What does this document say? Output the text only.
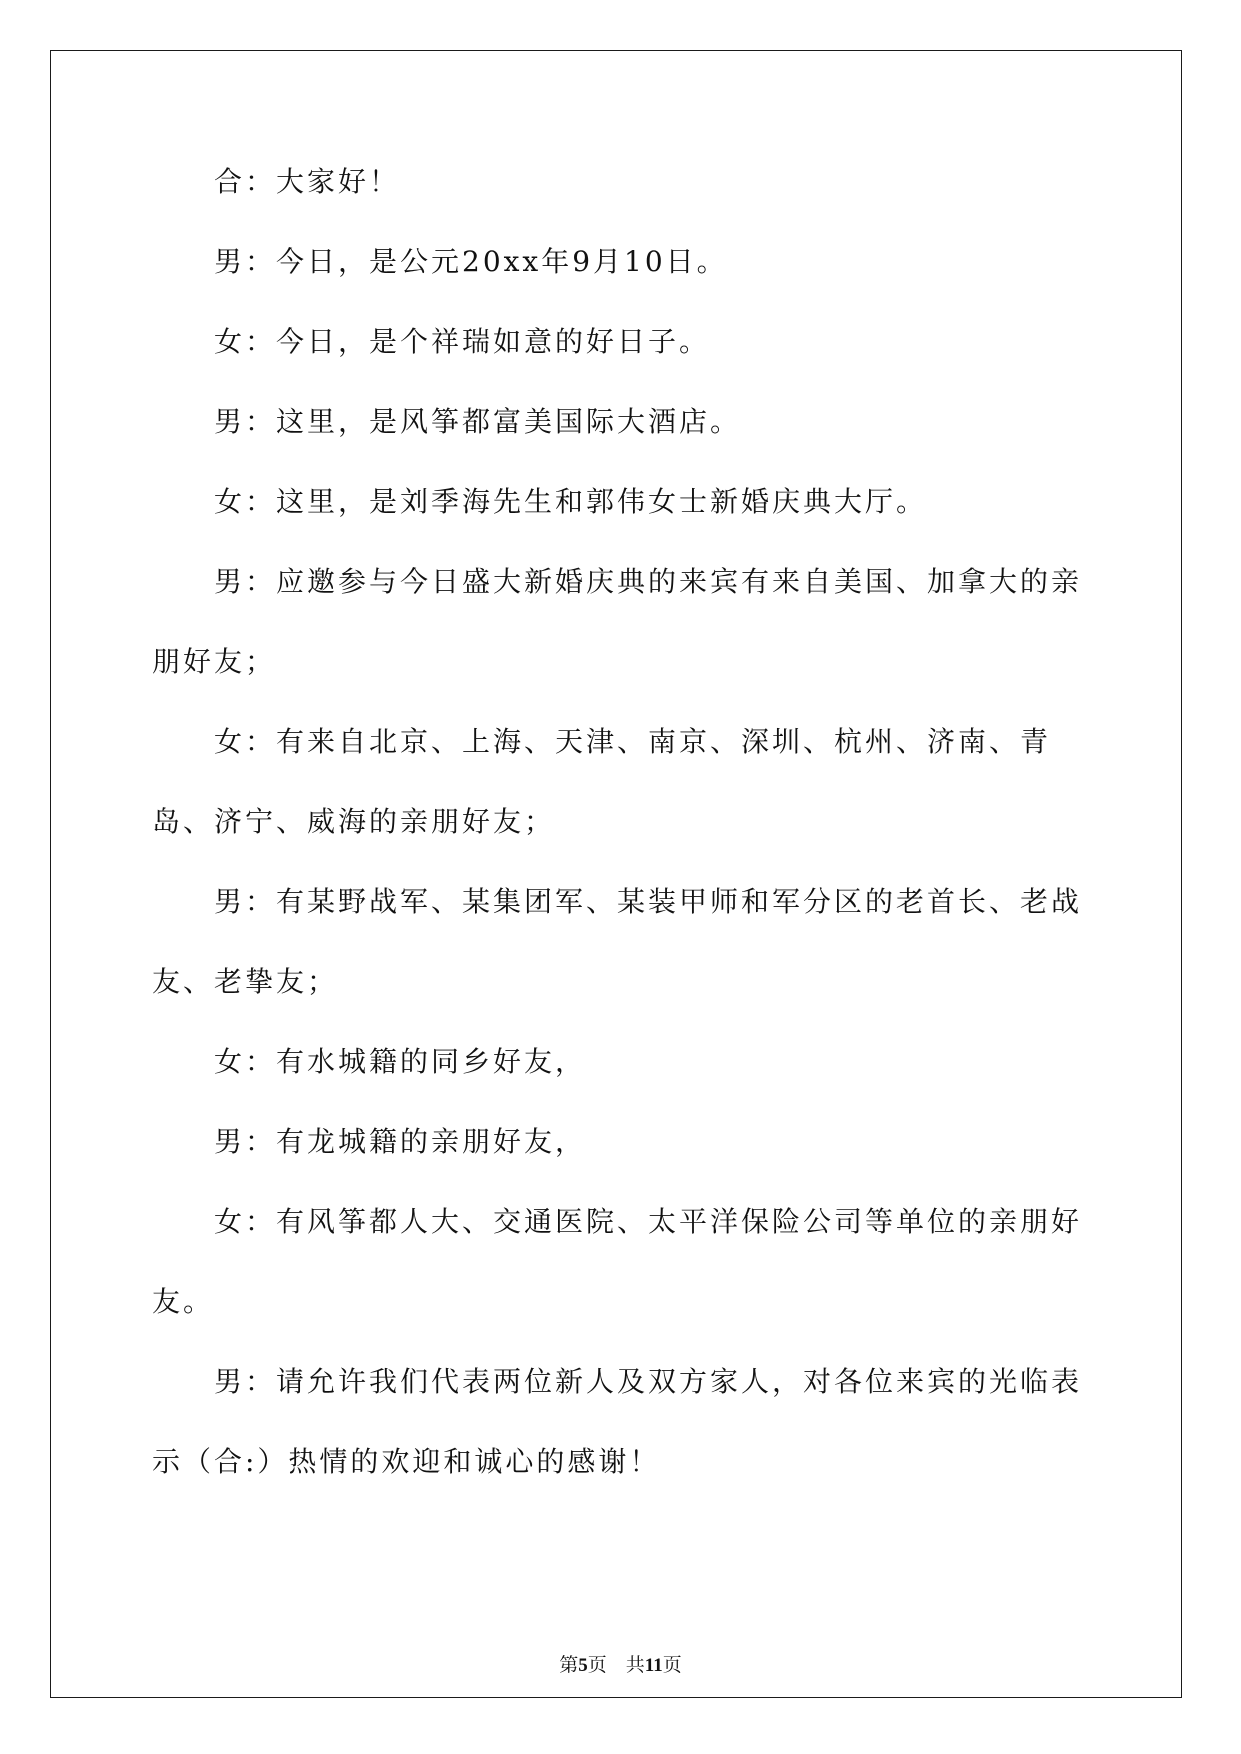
合：大家好！

男：今日，是公元20xx年9月10日。

女：今日，是个祥瑞如意的好日子。

男：这里，是风筝都富美国际大酒店。

女：这里，是刘季海先生和郭伟女士新婚庆典大厅。

男：应邀参与今日盛大新婚庆典的来宾有来自美国、加拿大的亲朋好友；

女：有来自北京、上海、天津、南京、深圳、杭州、济南、青岛、济宁、威海的亲朋好友；

男：有某野战军、某集团军、某装甲师和军分区的老首长、老战友、老挚友；

女：有水城籍的同乡好友，

男：有龙城籍的亲朋好友，

女：有风筝都人大、交通医院、太平洋保险公司等单位的亲朋好友。

男：请允许我们代表两位新人及双方家人，对各位来宾的光临表示（合:）热情的欢迎和诚心的感谢！

第5页  共11页
